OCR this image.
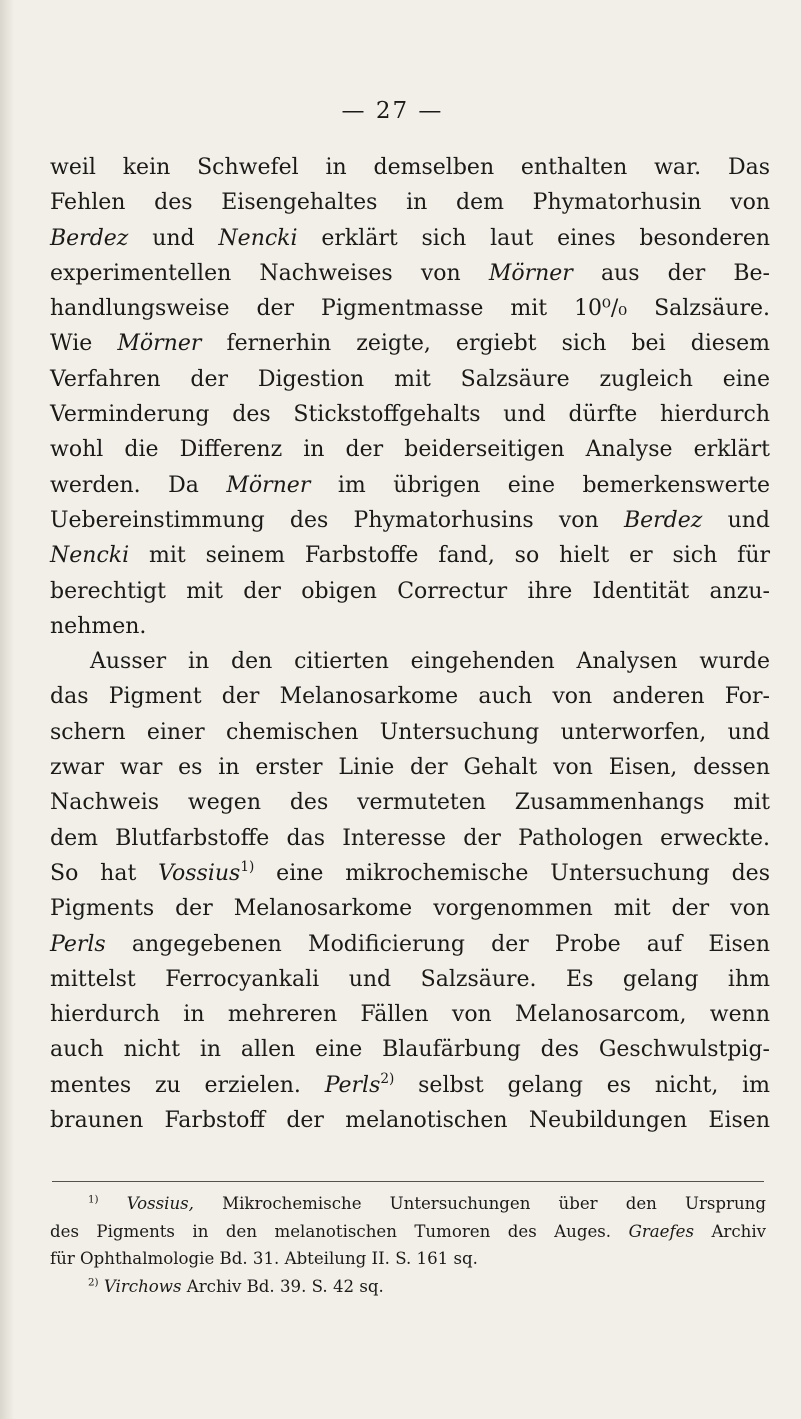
— 27 —
weil kein Schwefel in demselben enthalten war. Das
Fehlen des Eisengehaltes in dem Phymatorhusin von
Berdez und Nencki erklärt sich laut eines besonderen
experimentellen Nachweises von Mörner aus der Be-
handlungsweise der Pigmentmasse mit 10⁰/₀ Salzsäure.
Wie Mörner fernerhin zeigte, ergiebt sich bei diesem
Verfahren der Digestion mit Salzsäure zugleich eine
Verminderung des Stickstoffgehalts und dürfte hierdurch
wohl die Differenz in der beiderseitigen Analyse erklärt
werden. Da Mörner im übrigen eine bemerkenswerte
Uebereinstimmung des Phymatorhusins von Berdez und
Nencki mit seinem Farbstoffe fand, so hielt er sich für
berechtigt mit der obigen Correctur ihre Identität anzu-
nehmen.
Ausser in den citierten eingehenden Analysen wurde
das Pigment der Melanosarkome auch von anderen For-
schern einer chemischen Untersuchung unterworfen, und
zwar war es in erster Linie der Gehalt von Eisen, dessen
Nachweis wegen des vermuteten Zusammenhangs mit
dem Blutfarbstoffe das Interesse der Pathologen erweckte.
So hat Vossius$^{1)}$ eine mikrochemische Untersuchung des
Pigments der Melanosarkome vorgenommen mit der von
Perls angegebenen Modificierung der Probe auf Eisen
mittelst Ferrocyankali und Salzsäure. Es gelang ihm
hierdurch in mehreren Fällen von Melanosarcom, wenn
auch nicht in allen eine Blaufärbung des Geschwulstpig-
mentes zu erzielen. Perls$^{2)}$ selbst gelang es nicht, im
braunen Farbstoff der melanotischen Neubildungen Eisen
$^{1)}$ Vossius, Mikrochemische Untersuchungen über den Ursprung
des Pigments in den melanotischen Tumoren des Auges. Graefes Archiv
für Ophthalmologie Bd. 31. Abteilung II. S. 161 sq.
$^{2)}$ Virchows Archiv Bd. 39. S. 42 sq.
